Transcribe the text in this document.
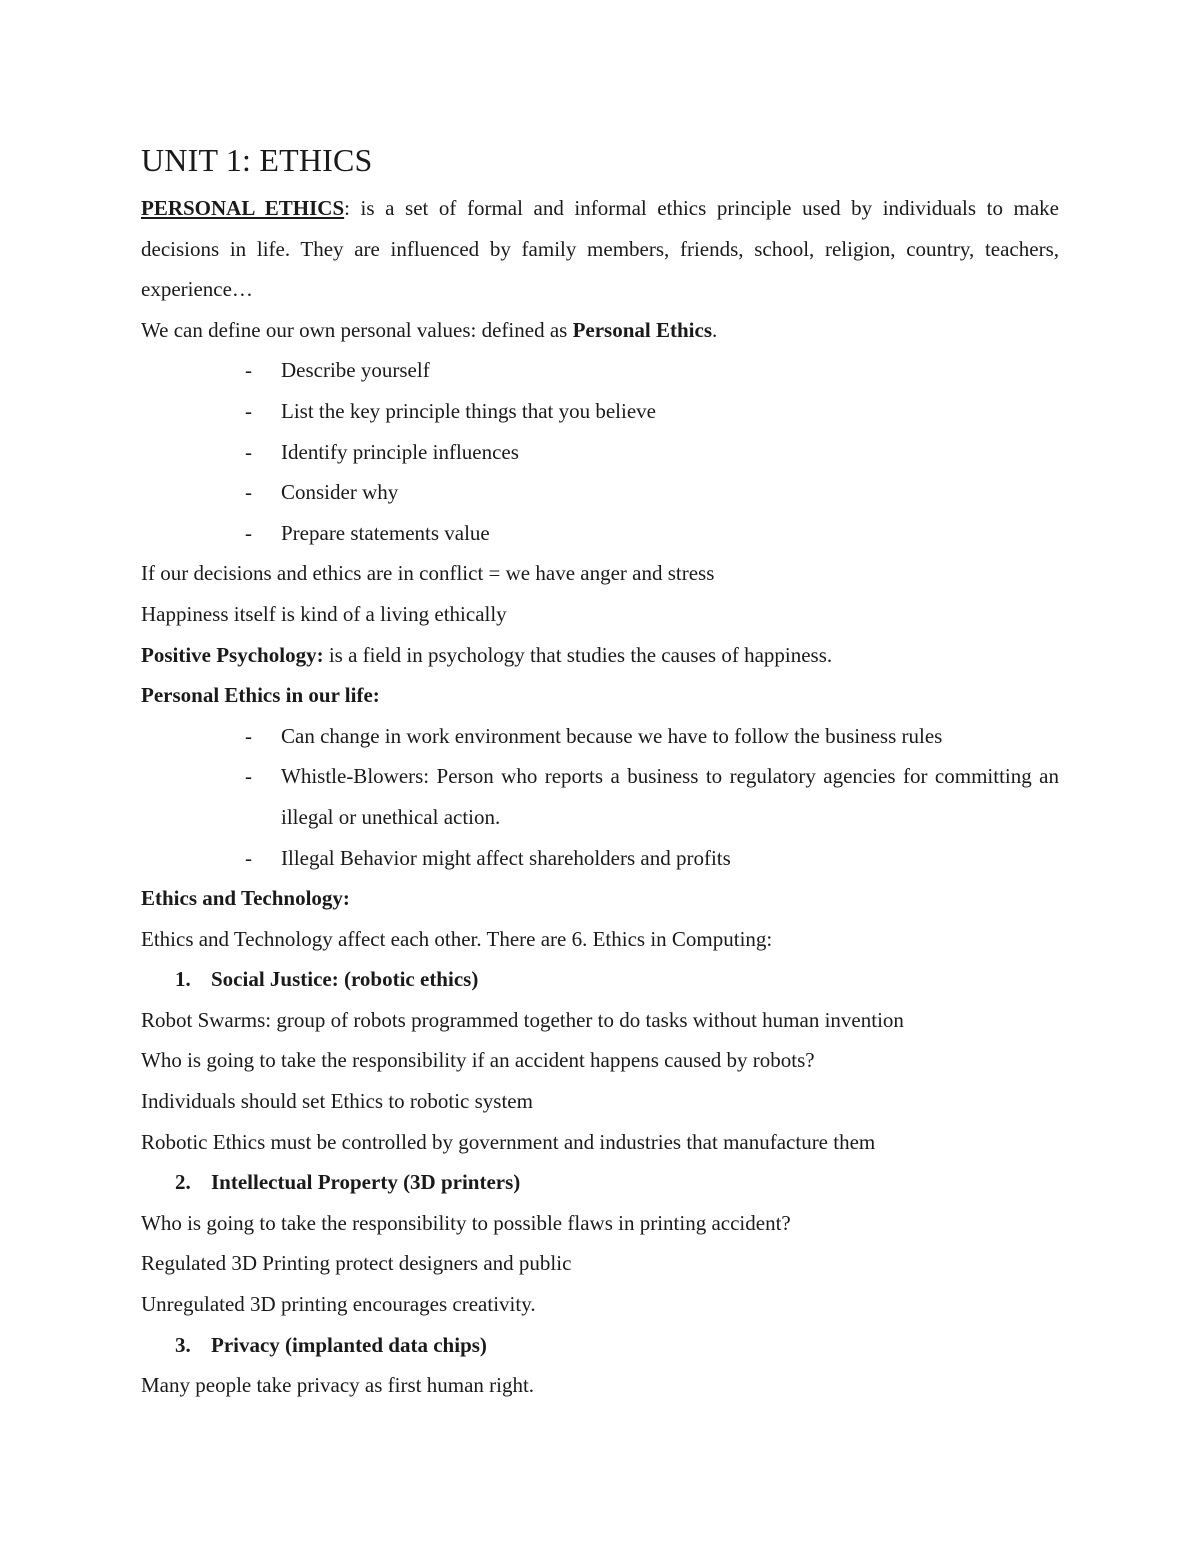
UNIT 1: ETHICS

PERSONAL ETHICS: is a set of formal and informal ethics principle used by individuals to make decisions in life. They are influenced by family members, friends, school, religion, country, teachers, experience…

We can define our own personal values: defined as Personal Ethics.

- Describe yourself
- List the key principle things that you believe
- Identify principle influences
- Consider why
- Prepare statements value

If our decisions and ethics are in conflict = we have anger and stress

Happiness itself is kind of a living ethically

Positive Psychology: is a field in psychology that studies the causes of happiness.

Personal Ethics in our life:

- Can change in work environment because we have to follow the business rules
- Whistle-Blowers: Person who reports a business to regulatory agencies for committing an illegal or unethical action.
- Illegal Behavior might affect shareholders and profits

Ethics and Technology:

Ethics and Technology affect each other. There are 6. Ethics in Computing:

1. Social Justice: (robotic ethics)

Robot Swarms: group of robots programmed together to do tasks without human invention

Who is going to take the responsibility if an accident happens caused by robots?

Individuals should set Ethics to robotic system

Robotic Ethics must be controlled by government and industries that manufacture them

2. Intellectual Property (3D printers)

Who is going to take the responsibility to possible flaws in printing accident?

Regulated 3D Printing protect designers and public

Unregulated 3D printing encourages creativity.

3. Privacy (implanted data chips)

Many people take privacy as first human right.
